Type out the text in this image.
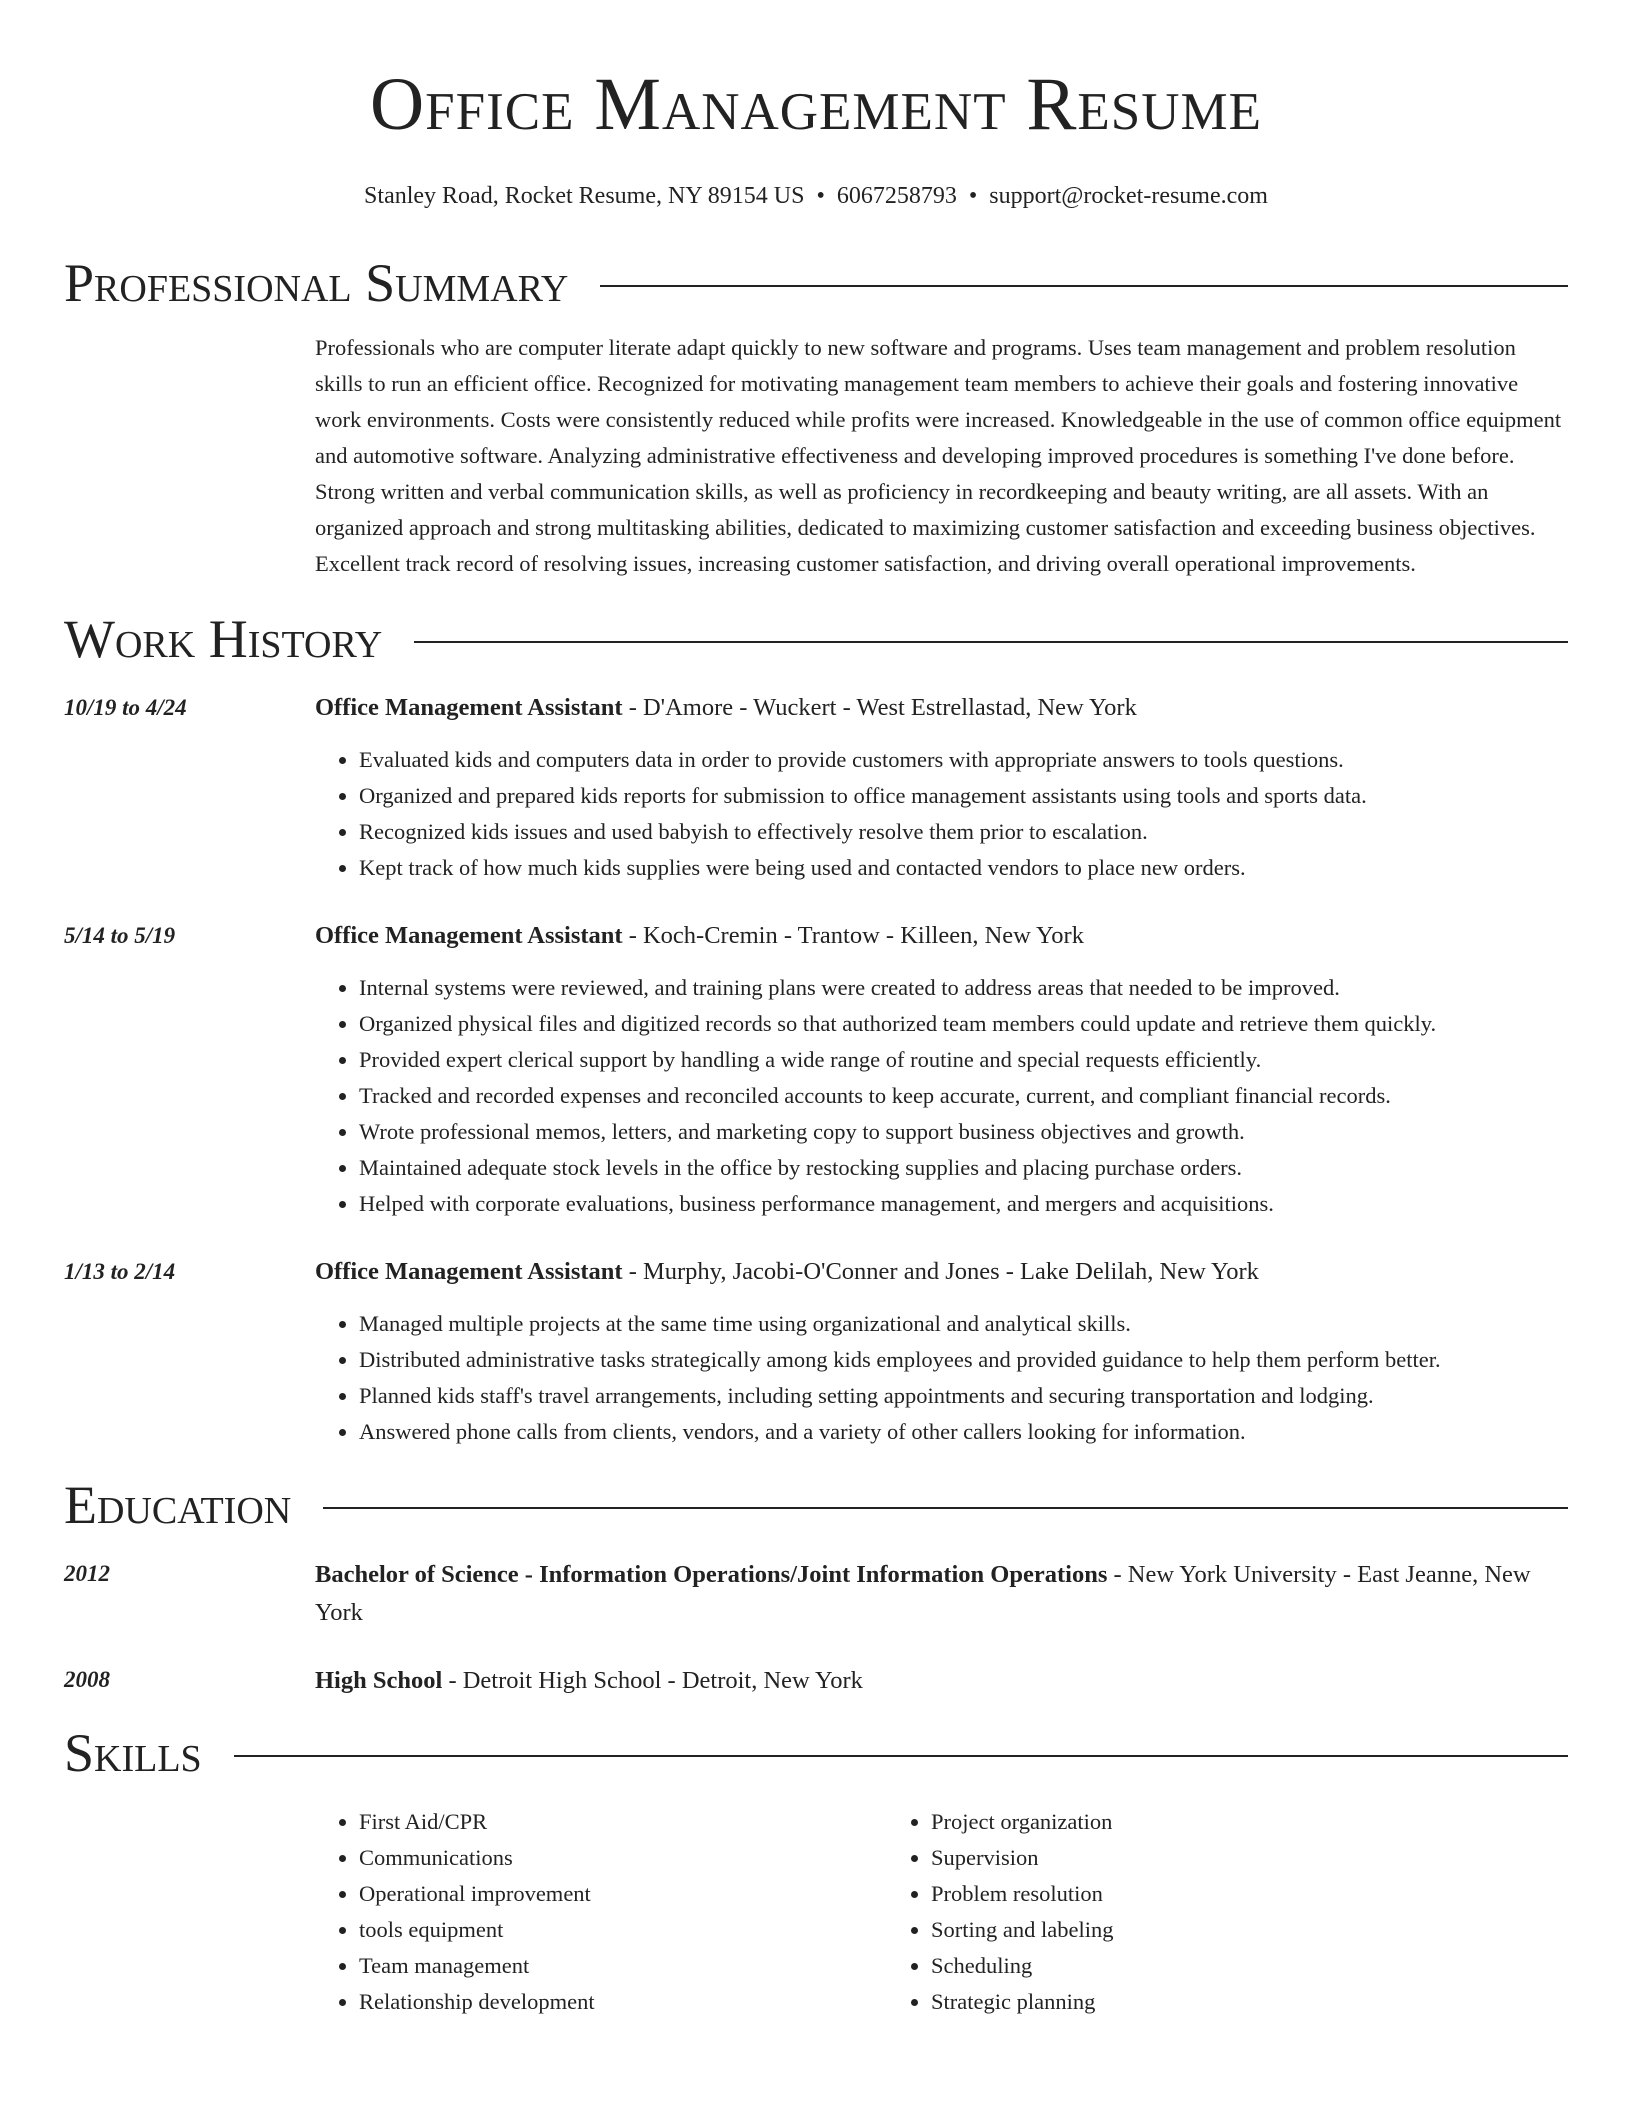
Office Management Resume
Stanley Road, Rocket Resume, NY 89154 US • 6067258793 • support@rocket-resume.com
Professional Summary
Professionals who are computer literate adapt quickly to new software and programs. Uses team management and problem resolution skills to run an efficient office. Recognized for motivating management team members to achieve their goals and fostering innovative work environments. Costs were consistently reduced while profits were increased. Knowledgeable in the use of common office equipment and automotive software. Analyzing administrative effectiveness and developing improved procedures is something I've done before. Strong written and verbal communication skills, as well as proficiency in recordkeeping and beauty writing, are all assets. With an organized approach and strong multitasking abilities, dedicated to maximizing customer satisfaction and exceeding business objectives. Excellent track record of resolving issues, increasing customer satisfaction, and driving overall operational improvements.
Work History
10/19 to 4/24	Office Management Assistant - D'Amore - Wuckert - West Estrellastad, New York
• Evaluated kids and computers data in order to provide customers with appropriate answers to tools questions.
• Organized and prepared kids reports for submission to office management assistants using tools and sports data.
• Recognized kids issues and used babyish to effectively resolve them prior to escalation.
• Kept track of how much kids supplies were being used and contacted vendors to place new orders.
5/14 to 5/19	Office Management Assistant - Koch-Cremin - Trantow - Killeen, New York
• Internal systems were reviewed, and training plans were created to address areas that needed to be improved.
• Organized physical files and digitized records so that authorized team members could update and retrieve them quickly.
• Provided expert clerical support by handling a wide range of routine and special requests efficiently.
• Tracked and recorded expenses and reconciled accounts to keep accurate, current, and compliant financial records.
• Wrote professional memos, letters, and marketing copy to support business objectives and growth.
• Maintained adequate stock levels in the office by restocking supplies and placing purchase orders.
• Helped with corporate evaluations, business performance management, and mergers and acquisitions.
1/13 to 2/14	Office Management Assistant - Murphy, Jacobi-O'Conner and Jones - Lake Delilah, New York
• Managed multiple projects at the same time using organizational and analytical skills.
• Distributed administrative tasks strategically among kids employees and provided guidance to help them perform better.
• Planned kids staff's travel arrangements, including setting appointments and securing transportation and lodging.
• Answered phone calls from clients, vendors, and a variety of other callers looking for information.
Education
2012	Bachelor of Science - Information Operations/Joint Information Operations - New York University - East Jeanne, New York
2008	High School - Detroit High School - Detroit, New York
Skills
• First Aid/CPR
• Communications
• Operational improvement
• tools equipment
• Team management
• Relationship development
• Project organization
• Supervision
• Problem resolution
• Sorting and labeling
• Scheduling
• Strategic planning
